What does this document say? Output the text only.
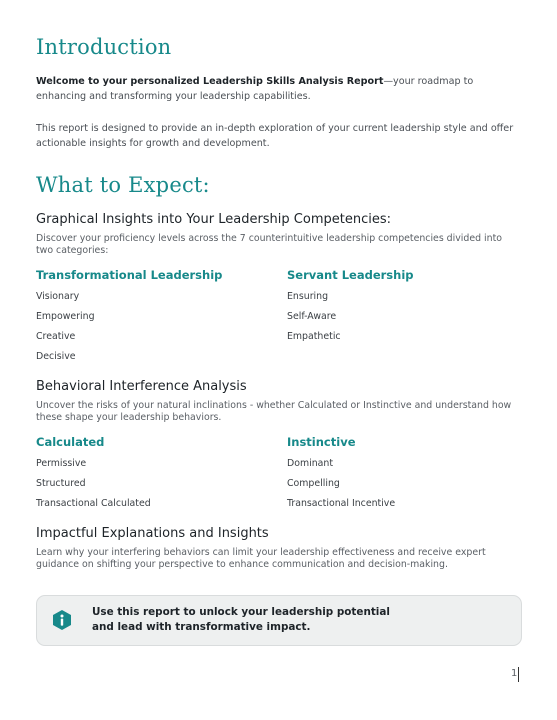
Introduction
Welcome to your personalized Leadership Skills Analysis Report—your roadmap to enhancing and transforming your leadership capabilities.
This report is designed to provide an in-depth exploration of your current leadership style and offer actionable insights for growth and development.
What to Expect:
Graphical Insights into Your Leadership Competencies:
Discover your proficiency levels across the 7 counterintuitive leadership competencies divided into two categories:
Transformational Leadership
Visionary
Empowering
Creative
Decisive
Servant Leadership
Ensuring
Self-Aware
Empathetic
Behavioral Interference Analysis
Uncover the risks of your natural inclinations - whether Calculated or Instinctive and understand how these shape your leadership behaviors.
Calculated
Permissive
Structured
Transactional Calculated
Instinctive
Dominant
Compelling
Transactional Incentive
Impactful Explanations and Insights
Learn why your interfering behaviors can limit your leadership effectiveness and receive expert guidance on shifting your perspective to enhance communication and decision-making.
Use this report to unlock your leadership potential
and lead with transformative impact.
1
